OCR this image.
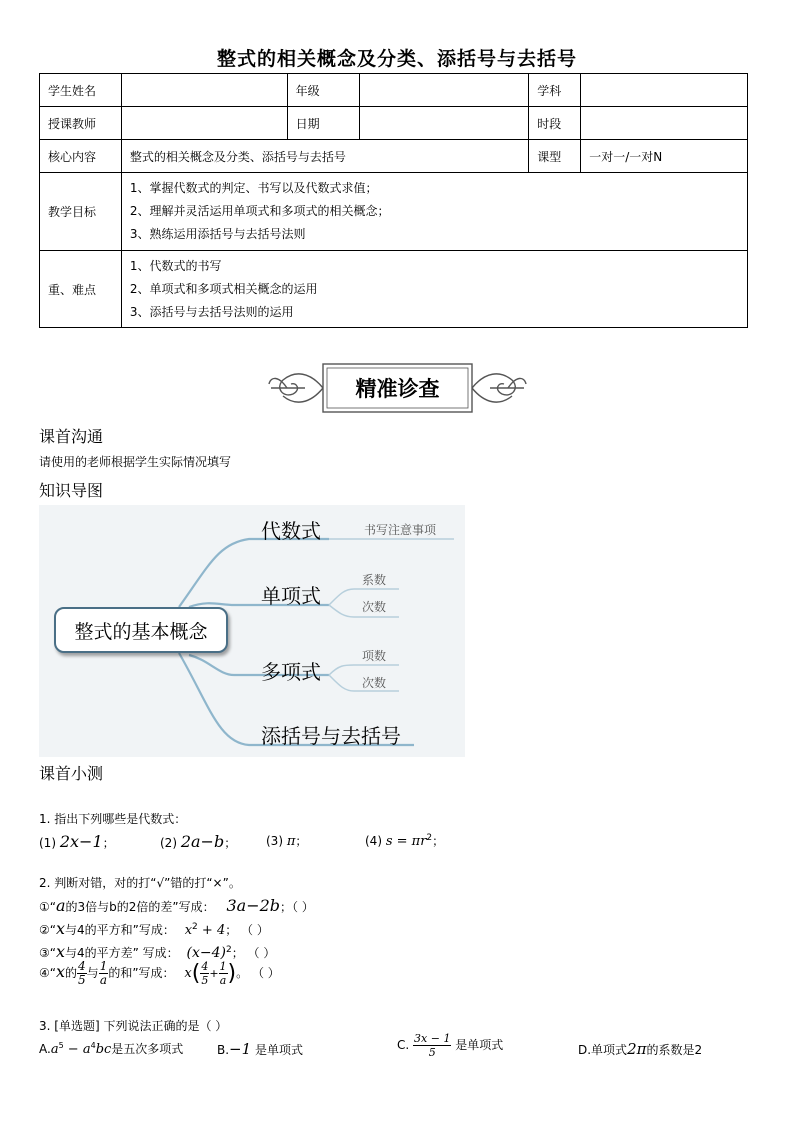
整式的相关概念及分类、添括号与去括号
学生姓名		年级		学科	
授课教师		日期		时段	
核心内容	整式的相关概念及分类、添括号与去括号			课型	一对一/一对N
教学目标	1、掌握代数式的判定、书写以及代数式求值；
2、理解并灵活运用单项式和多项式的相关概念；
3、熟练运用添括号与去括号法则				

重、难点	1、代数式的书写
2、单项式和多项式相关概念的运用
3、添括号与去括号法则的运用				
精准诊查
课首沟通
请使用的老师根据学生实际情况填写
知识导图
整式的基本概念
代数式	书写注意事项
单项式
系数
次数
多项式
项数
次数
添括号与去括号
课首小测
1. 指出下列哪些是代数式：
(1) 2x−1；	(2) 2a−b； (3) π；	(4) $s = \pi r^2$；
2. 判断对错，对的打“√”错的打“×”。
①“a的3倍与b的2倍的差”写成： 3a−2b；（ ）
②“x与4的平方和”写成： $x^2 + 4$； （ ）
③“x与4的平方差” 写成： $(x-4)^2$； （ ）
④“x的 $\frac{4}{5}$ 与 $\frac{1}{a}$ 的和”写成： $x( \frac{4}{5} + \frac{1}{a}$ )。 （ ）
3. [单选题] 下列说法正确的是（ ）
$A.a^5 - a^4bc$是五次多项式	B.−1 是单项式	C. $\frac{3x - 1}{5}$ 是单项式	D.单项式2π的系数是2
